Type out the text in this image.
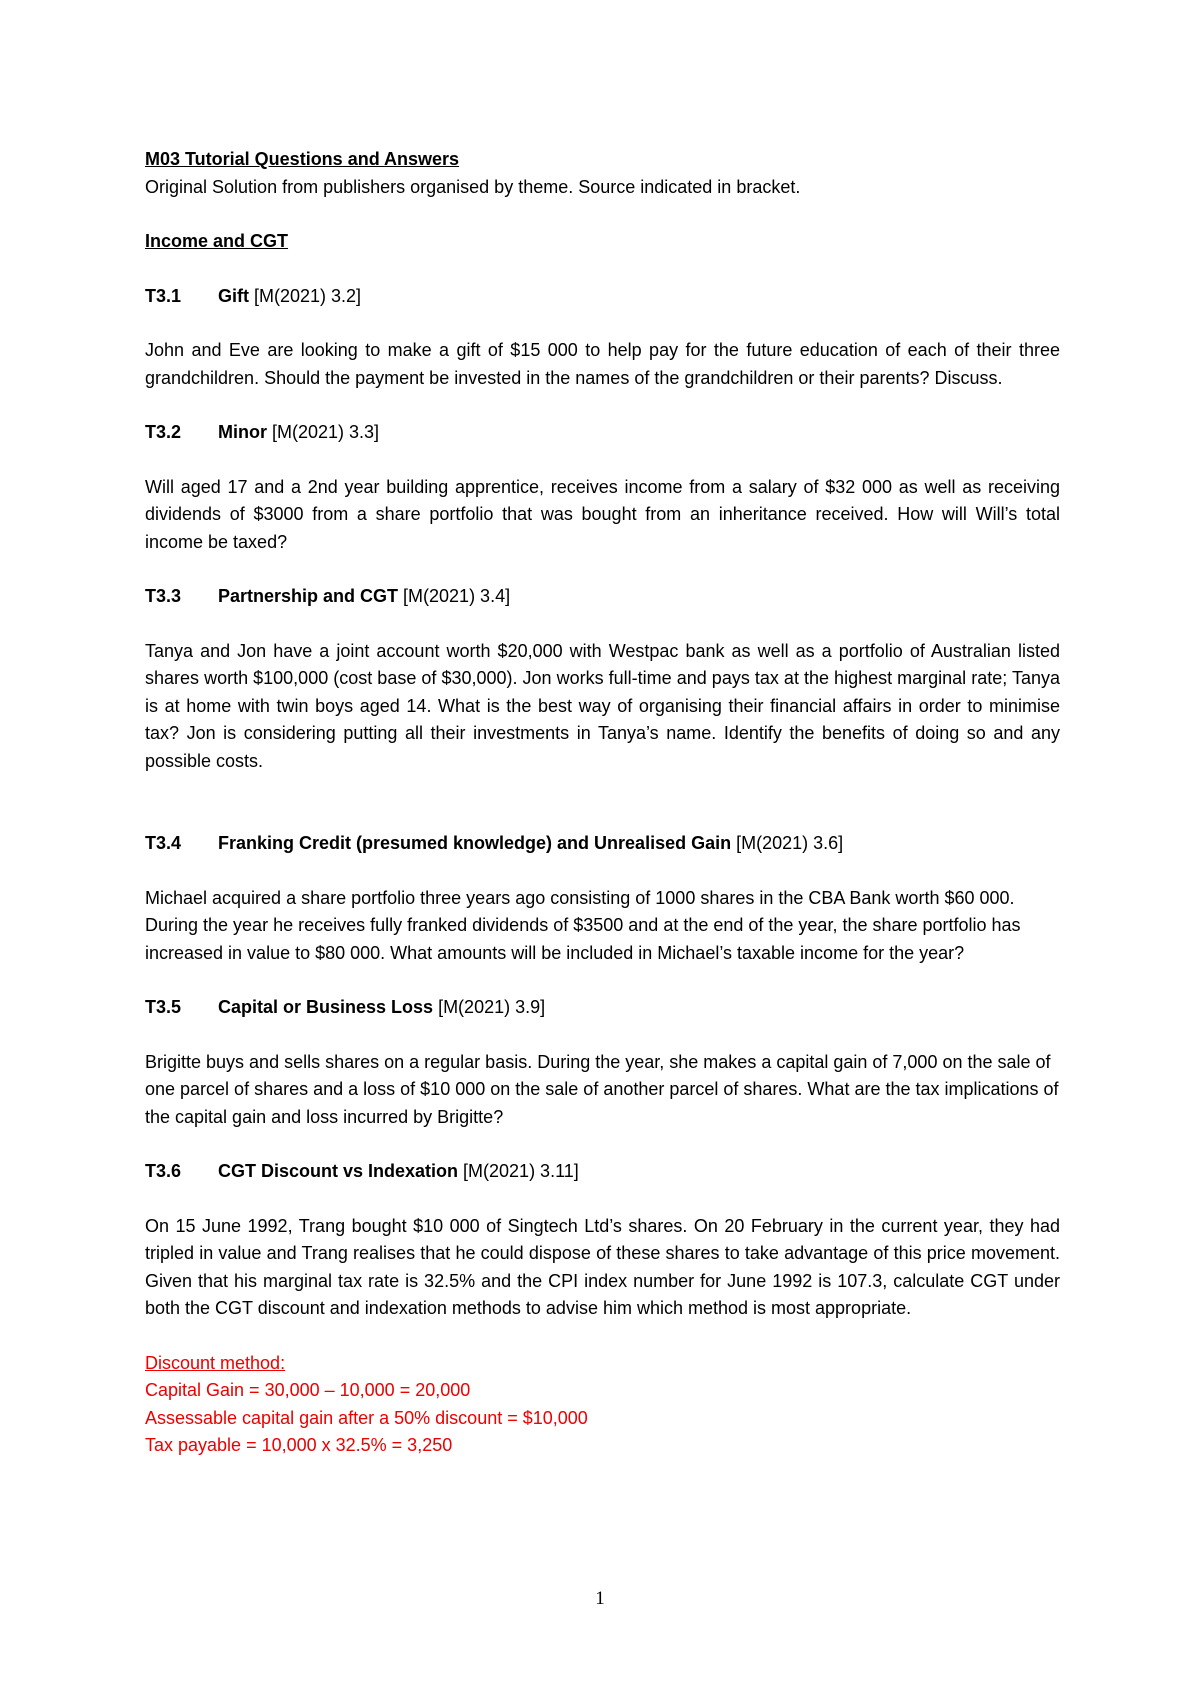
M03 Tutorial Questions and Answers
Original Solution from publishers organised by theme. Source indicated in bracket.
Income and CGT
T3.1	Gift [M(2021) 3.2]
John and Eve are looking to make a gift of $15 000 to help pay for the future education of each of their three grandchildren. Should the payment be invested in the names of the grandchildren or their parents? Discuss.
T3.2	Minor [M(2021) 3.3]
Will aged 17 and a 2nd year building apprentice, receives income from a salary of $32 000 as well as receiving dividends of $3000 from a share portfolio that was bought from an inheritance received. How will Will’s total income be taxed?
T3.3	Partnership and CGT [M(2021) 3.4]
Tanya and Jon have a joint account worth $20,000 with Westpac bank as well as a portfolio of Australian listed shares worth $100,000 (cost base of $30,000). Jon works full-time and pays tax at the highest marginal rate; Tanya is at home with twin boys aged 14. What is the best way of organising their financial affairs in order to minimise tax? Jon is considering putting all their investments in Tanya’s name. Identify the benefits of doing so and any possible costs.
T3.4	Franking Credit (presumed knowledge) and Unrealised Gain [M(2021) 3.6]
Michael acquired a share portfolio three years ago consisting of 1000 shares in the CBA Bank worth $60 000. During the year he receives fully franked dividends of $3500 and at the end of the year, the share portfolio has increased in value to $80 000. What amounts will be included in Michael’s taxable income for the year?
T3.5	Capital or Business Loss [M(2021) 3.9]
Brigitte buys and sells shares on a regular basis. During the year, she makes a capital gain of 7,000 on the sale of one parcel of shares and a loss of $10 000 on the sale of another parcel of shares. What are the tax implications of the capital gain and loss incurred by Brigitte?
T3.6	CGT Discount vs Indexation [M(2021) 3.11]
On 15 June 1992, Trang bought $10 000 of Singtech Ltd’s shares. On 20 February in the current year, they had tripled in value and Trang realises that he could dispose of these shares to take advantage of this price movement. Given that his marginal tax rate is 32.5% and the CPI index number for June 1992 is 107.3, calculate CGT under both the CGT discount and indexation methods to advise him which method is most appropriate.
Discount method:
Capital Gain = 30,000 – 10,000 = 20,000
Assessable capital gain after a 50% discount = $10,000
Tax payable = 10,000 x 32.5% = 3,250
1
